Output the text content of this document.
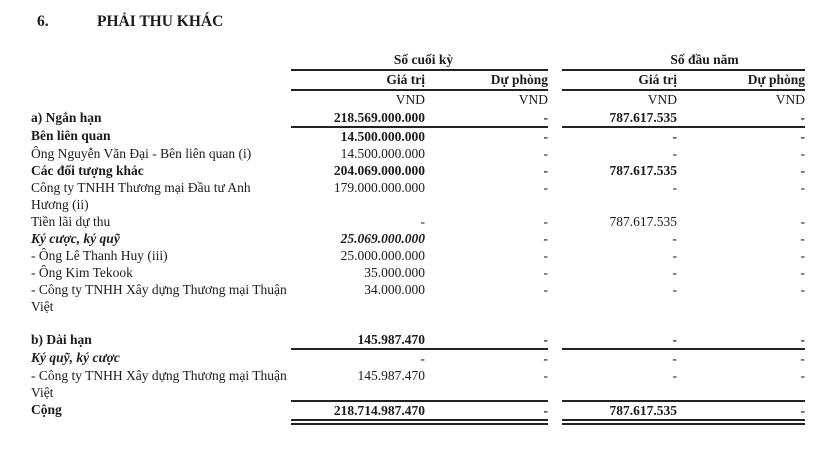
6.	PHẢI THU KHÁC
	Số cuối kỳ			Số đầu năm	
	Giá trị	Dự phòng		Giá trị	Dự phòng
	VND	VND		VND	VND
a) Ngắn hạn	218.569.000.000	-		787.617.535	-
Bên liên quan	14.500.000.000	-		-	-
Ông Nguyễn Văn Đại - Bên liên quan (i)	14.500.000.000	-		-	-
Các đối tượng khác	204.069.000.000	-		787.617.535	-
Công ty TNHH Thương mại Đầu tư Anh Hương (ii)	179.000.000.000	-		-	-
Tiền lãi dự thu	-	-		787.617.535	-
Ký cược, ký quỹ	25.069.000.000	-		-	-
- Ông Lê Thanh Huy (iii)	25.000.000.000	-		-	-
- Ông Kim Tekook	35.000.000	-		-	-
- Công ty TNHH Xây dựng Thương mại Thuận Việt	34.000.000	-		-	-

b) Dài hạn	145.987.470	-		-	-
Ký quỹ, ký cược	-	-		-	-
- Công ty TNHH Xây dựng Thương mại Thuận Việt	145.987.470	-		-	-
Cộng	218.714.987.470	-		787.617.535	-
